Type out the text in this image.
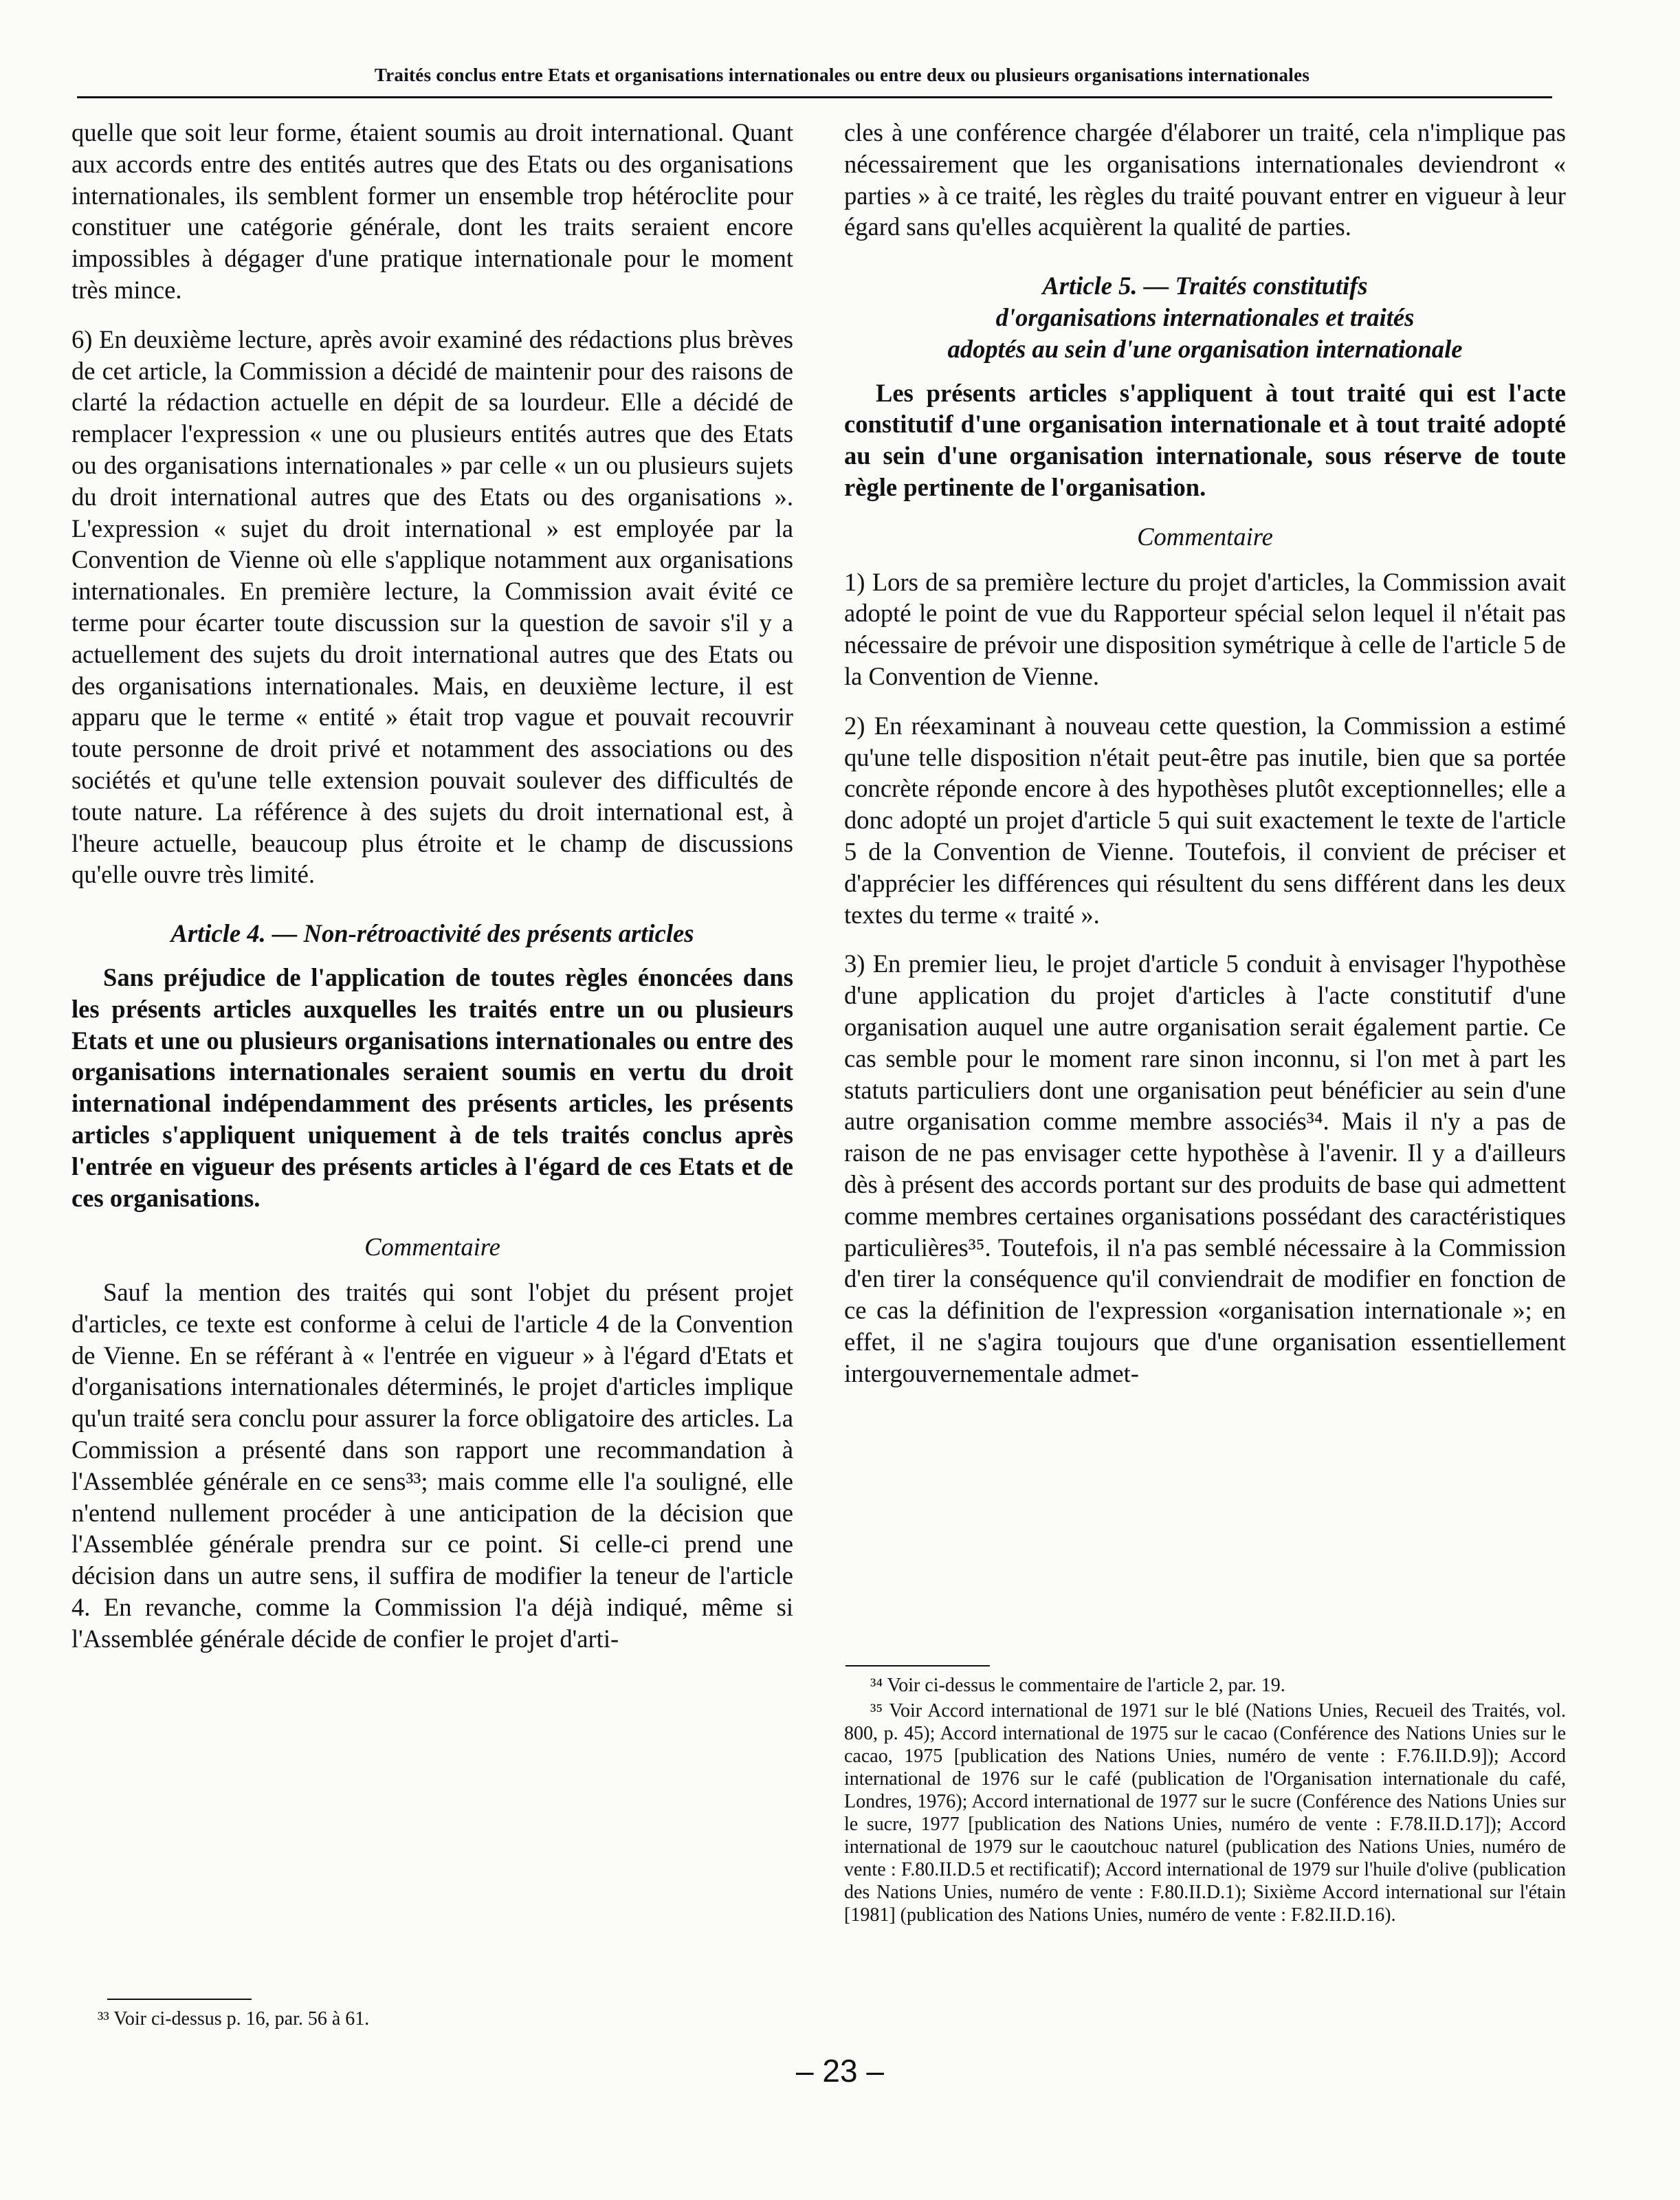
Traités conclus entre Etats et organisations internationales ou entre deux ou plusieurs organisations internationales

quelle que soit leur forme, étaient soumis au droit international. Quant aux accords entre des entités autres que des Etats ou des organisations internationales, ils semblent former un ensemble trop hétéroclite pour constituer une catégorie générale, dont les traits seraient encore impossibles à dégager d'une pratique internationale pour le moment très mince.

6) En deuxième lecture, après avoir examiné des rédactions plus brèves de cet article, la Commission a décidé de maintenir pour des raisons de clarté la rédaction actuelle en dépit de sa lourdeur. Elle a décidé de remplacer l'expression « une ou plusieurs entités autres que des Etats ou des organisations internationales » par celle « un ou plusieurs sujets du droit international autres que des Etats ou des organisations ». L'expression « sujet du droit international » est employée par la Convention de Vienne où elle s'applique notamment aux organisations internationales. En première lecture, la Commission avait évité ce terme pour écarter toute discussion sur la question de savoir s'il y a actuellement des sujets du droit international autres que des Etats ou des organisations internationales. Mais, en deuxième lecture, il est apparu que le terme « entité » était trop vague et pouvait recouvrir toute personne de droit privé et notamment des associations ou des sociétés et qu'une telle extension pouvait soulever des difficultés de toute nature. La référence à des sujets du droit international est, à l'heure actuelle, beaucoup plus étroite et le champ de discussions qu'elle ouvre très limité.

Article 4. — Non-rétroactivité des présents articles

Sans préjudice de l'application de toutes règles énoncées dans les présents articles auxquelles les traités entre un ou plusieurs Etats et une ou plusieurs organisations internationales ou entre des organisations internationales seraient soumis en vertu du droit international indépendamment des présents articles, les présents articles s'appliquent uniquement à de tels traités conclus après l'entrée en vigueur des présents articles à l'égard de ces Etats et de ces organisations.

Commentaire

Sauf la mention des traités qui sont l'objet du présent projet d'articles, ce texte est conforme à celui de l'article 4 de la Convention de Vienne. En se référant à « l'entrée en vigueur » à l'égard d'Etats et d'organisations internationales déterminés, le projet d'articles implique qu'un traité sera conclu pour assurer la force obligatoire des articles. La Commission a présenté dans son rapport une recommandation à l'Assemblée générale en ce sens³³; mais comme elle l'a souligné, elle n'entend nullement procéder à une anticipation de la décision que l'Assemblée générale prendra sur ce point. Si celle-ci prend une décision dans un autre sens, il suffira de modifier la teneur de l'article 4. En revanche, comme la Commission l'a déjà indiqué, même si l'Assemblée générale décide de confier le projet d'arti-

³³ Voir ci-dessus p. 16, par. 56 à 61.

cles à une conférence chargée d'élaborer un traité, cela n'implique pas nécessairement que les organisations internationales deviendront « parties » à ce traité, les règles du traité pouvant entrer en vigueur à leur égard sans qu'elles acquièrent la qualité de parties.

Article 5. — Traités constitutifs
d'organisations internationales et traités
adoptés au sein d'une organisation internationale

Les présents articles s'appliquent à tout traité qui est l'acte constitutif d'une organisation internationale et à tout traité adopté au sein d'une organisation internationale, sous réserve de toute règle pertinente de l'organisation.

Commentaire

1) Lors de sa première lecture du projet d'articles, la Commission avait adopté le point de vue du Rapporteur spécial selon lequel il n'était pas nécessaire de prévoir une disposition symétrique à celle de l'article 5 de la Convention de Vienne.

2) En réexaminant à nouveau cette question, la Commission a estimé qu'une telle disposition n'était peut-être pas inutile, bien que sa portée concrète réponde encore à des hypothèses plutôt exceptionnelles; elle a donc adopté un projet d'article 5 qui suit exactement le texte de l'article 5 de la Convention de Vienne. Toutefois, il convient de préciser et d'apprécier les différences qui résultent du sens différent dans les deux textes du terme « traité ».

3) En premier lieu, le projet d'article 5 conduit à envisager l'hypothèse d'une application du projet d'articles à l'acte constitutif d'une organisation auquel une autre organisation serait également partie. Ce cas semble pour le moment rare sinon inconnu, si l'on met à part les statuts particuliers dont une organisation peut bénéficier au sein d'une autre organisation comme membre associés³⁴. Mais il n'y a pas de raison de ne pas envisager cette hypothèse à l'avenir. Il y a d'ailleurs dès à présent des accords portant sur des produits de base qui admettent comme membres certaines organisations possédant des caractéristiques particulières³⁵. Toutefois, il n'a pas semblé nécessaire à la Commission d'en tirer la conséquence qu'il conviendrait de modifier en fonction de ce cas la définition de l'expression «organisation internationale »; en effet, il ne s'agira toujours que d'une organisation essentiellement intergouvernementale admet-

³⁴ Voir ci-dessus le commentaire de l'article 2, par. 19.

³⁵ Voir Accord international de 1971 sur le blé (Nations Unies, Recueil des Traités, vol. 800, p. 45); Accord international de 1975 sur le cacao (Conférence des Nations Unies sur le cacao, 1975 [publication des Nations Unies, numéro de vente : F.76.II.D.9]); Accord international de 1976 sur le café (publication de l'Organisation internationale du café, Londres, 1976); Accord international de 1977 sur le sucre (Conférence des Nations Unies sur le sucre, 1977 [publication des Nations Unies, numéro de vente : F.78.II.D.17]); Accord international de 1979 sur le caoutchouc naturel (publication des Nations Unies, numéro de vente : F.80.II.D.5 et rectificatif); Accord international de 1979 sur l'huile d'olive (publication des Nations Unies, numéro de vente : F.80.II.D.1); Sixième Accord international sur l'étain [1981] (publication des Nations Unies, numéro de vente : F.82.II.D.16).

– 23 –
